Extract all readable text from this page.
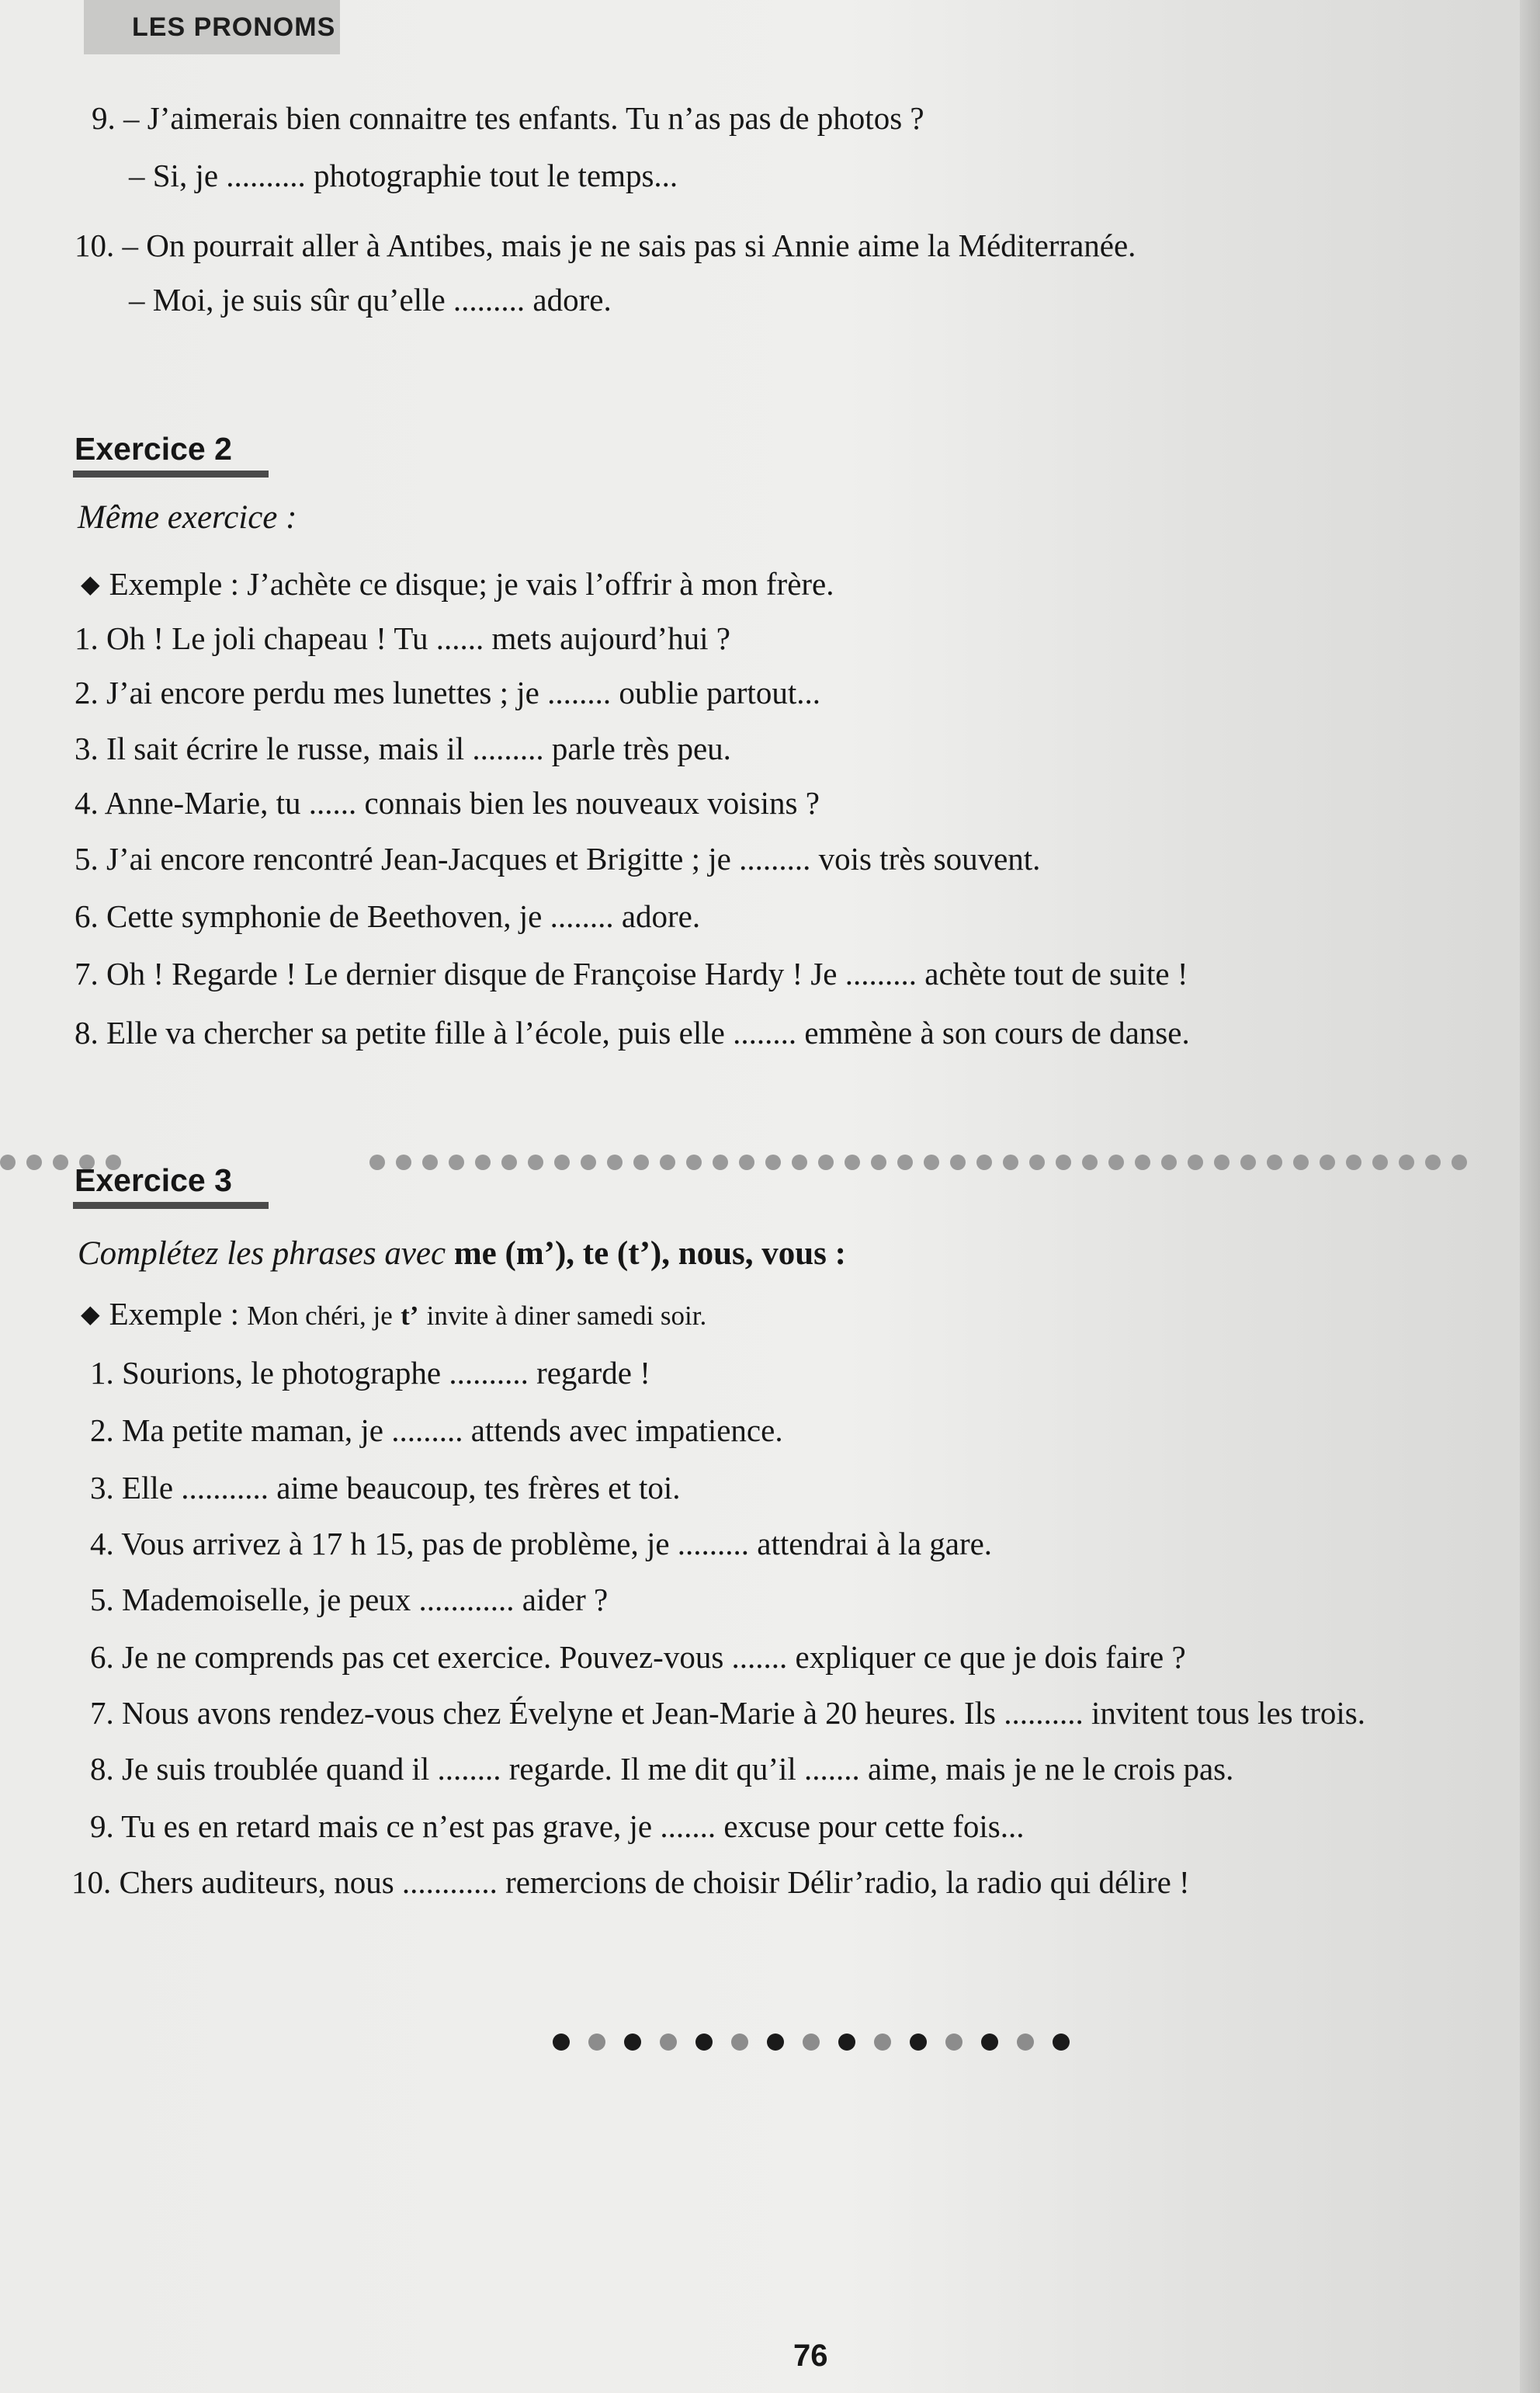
LES PRONOMS
9. – J’aimerais bien connaitre tes enfants. Tu n’as pas de photos ?
– Si, je .......... photographie tout le temps...
10. – On pourrait aller à Antibes, mais je ne sais pas si Annie aime la Méditerranée.
– Moi, je suis sûr qu’elle ......... adore.
Exercice 2
Même exercice :
◆ Exemple : J’achète ce disque; je vais l’offrir à mon frère.
1. Oh ! Le joli chapeau ! Tu ...... mets aujourd’hui ?
2. J’ai encore perdu mes lunettes ; je ........ oublie partout...
3. Il sait écrire le russe, mais il ......... parle très peu.
4. Anne-Marie, tu ...... connais bien les nouveaux voisins ?
5. J’ai encore rencontré Jean-Jacques et Brigitte ; je ......... vois très souvent.
6. Cette symphonie de Beethoven, je ........ adore.
7. Oh ! Regarde ! Le dernier disque de Françoise Hardy ! Je ......... achète tout de suite !
8. Elle va chercher sa petite fille à l’école, puis elle ........ emmène à son cours de danse.
Exercice 3
Complétez les phrases avec me (m’), te (t’), nous, vous :
◆ Exemple : Mon chéri, je t’ invite à diner samedi soir.
1. Sourions, le photographe .......... regarde !
2. Ma petite maman, je ......... attends avec impatience.
3. Elle ........... aime beaucoup, tes frères et toi.
4. Vous arrivez à 17 h 15, pas de problème, je ......... attendrai à la gare.
5. Mademoiselle, je peux ............ aider ?
6. Je ne comprends pas cet exercice. Pouvez-vous ....... expliquer ce que je dois faire ?
7. Nous avons rendez-vous chez Évelyne et Jean-Marie à 20 heures. Ils .......... invitent tous les trois.
8. Je suis troublée quand il ........ regarde. Il me dit qu’il ....... aime, mais je ne le crois pas.
9. Tu es en retard mais ce n’est pas grave, je ....... excuse pour cette fois...
10. Chers auditeurs, nous ............ remercions de choisir Délir’radio, la radio qui délire !
76
